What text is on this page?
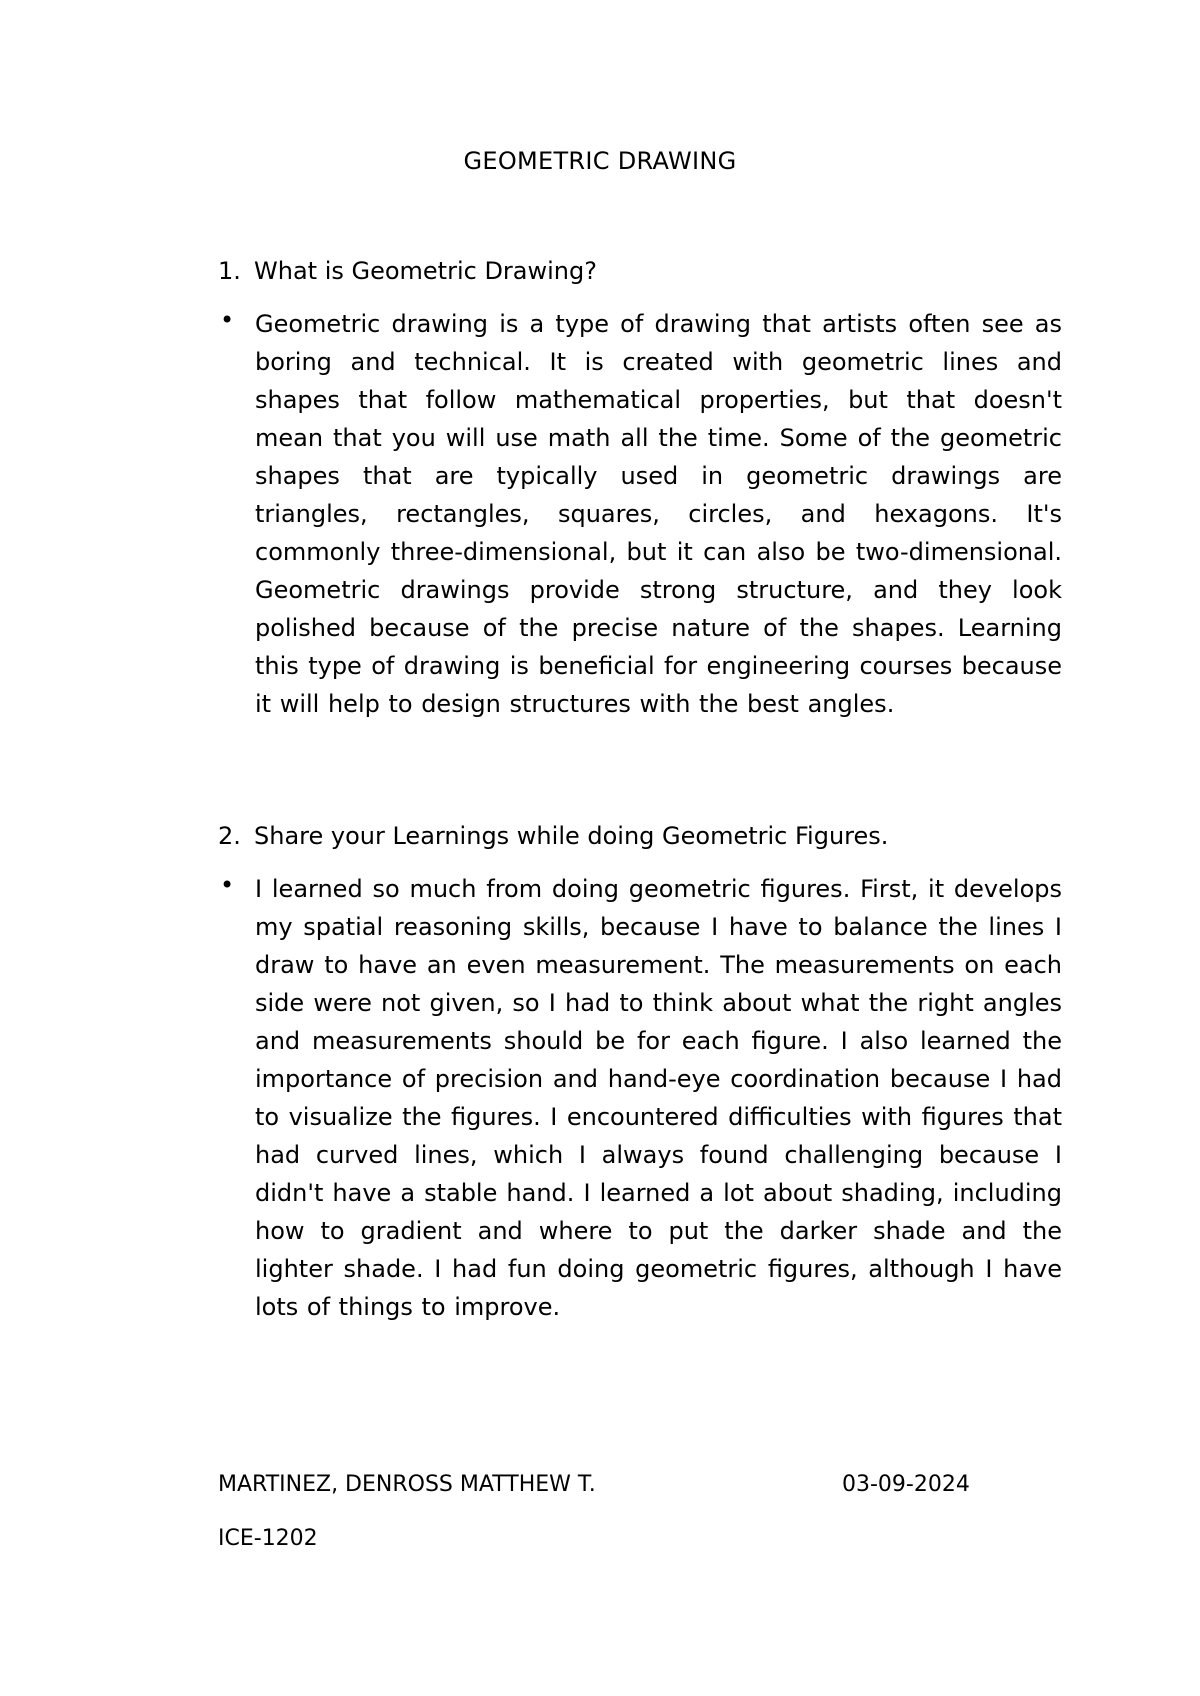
GEOMETRIC DRAWING
1. What is Geometric Drawing?
• Geometric drawing is a type of drawing that artists often see as boring and technical. It is created with geometric lines and shapes that follow mathematical properties, but that doesn't mean that you will use math all the time. Some of the geometric shapes that are typically used in geometric drawings are triangles, rectangles, squares, circles, and hexagons. It's commonly three-dimensional, but it can also be two-dimensional. Geometric drawings provide strong structure, and they look polished because of the precise nature of the shapes. Learning this type of drawing is beneficial for engineering courses because it will help to design structures with the best angles.
2. Share your Learnings while doing Geometric Figures.
• I learned so much from doing geometric figures. First, it develops my spatial reasoning skills, because I have to balance the lines I draw to have an even measurement. The measurements on each side were not given, so I had to think about what the right angles and measurements should be for each figure. I also learned the importance of precision and hand-eye coordination because I had to visualize the figures. I encountered difficulties with figures that had curved lines, which I always found challenging because I didn't have a stable hand. I learned a lot about shading, including how to gradient and where to put the darker shade and the lighter shade. I had fun doing geometric figures, although I have lots of things to improve.
MARTINEZ, DENROSS MATTHEW T.	03-09-2024
ICE-1202
